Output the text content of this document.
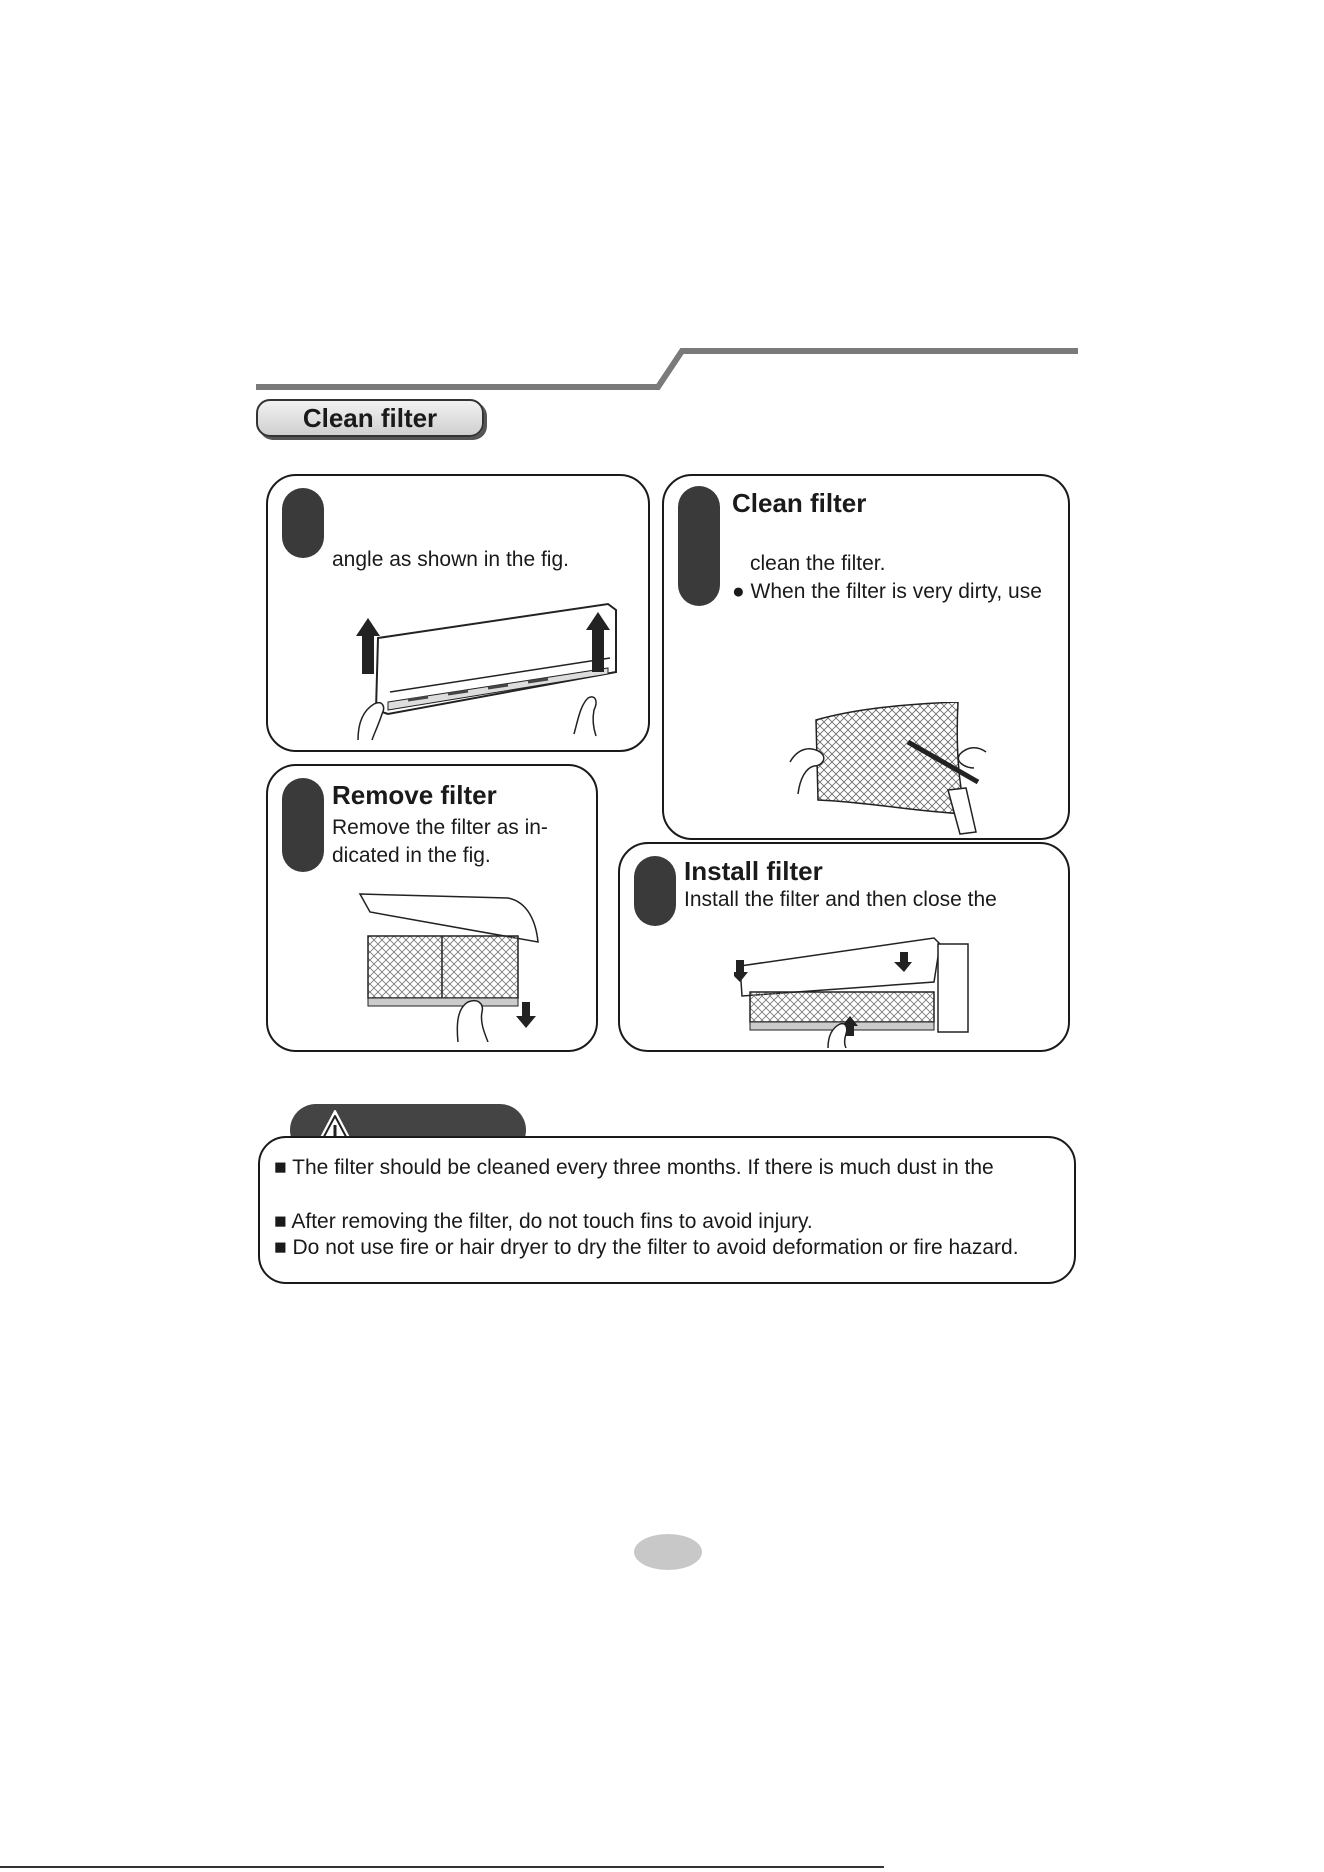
Clean filter
angle as shown in the fig.
Clean filter
clean the filter.
● When the filter is very dirty, use
Remove filter
Remove the filter as in-
dicated in the fig.
Install filter
Install the filter and then close the
■ The filter should be cleaned every three months. If there is much dust in the
■ After removing the filter, do not touch fins to avoid injury.
■ Do not use fire or hair dryer to dry the filter to avoid deformation or fire hazard.
